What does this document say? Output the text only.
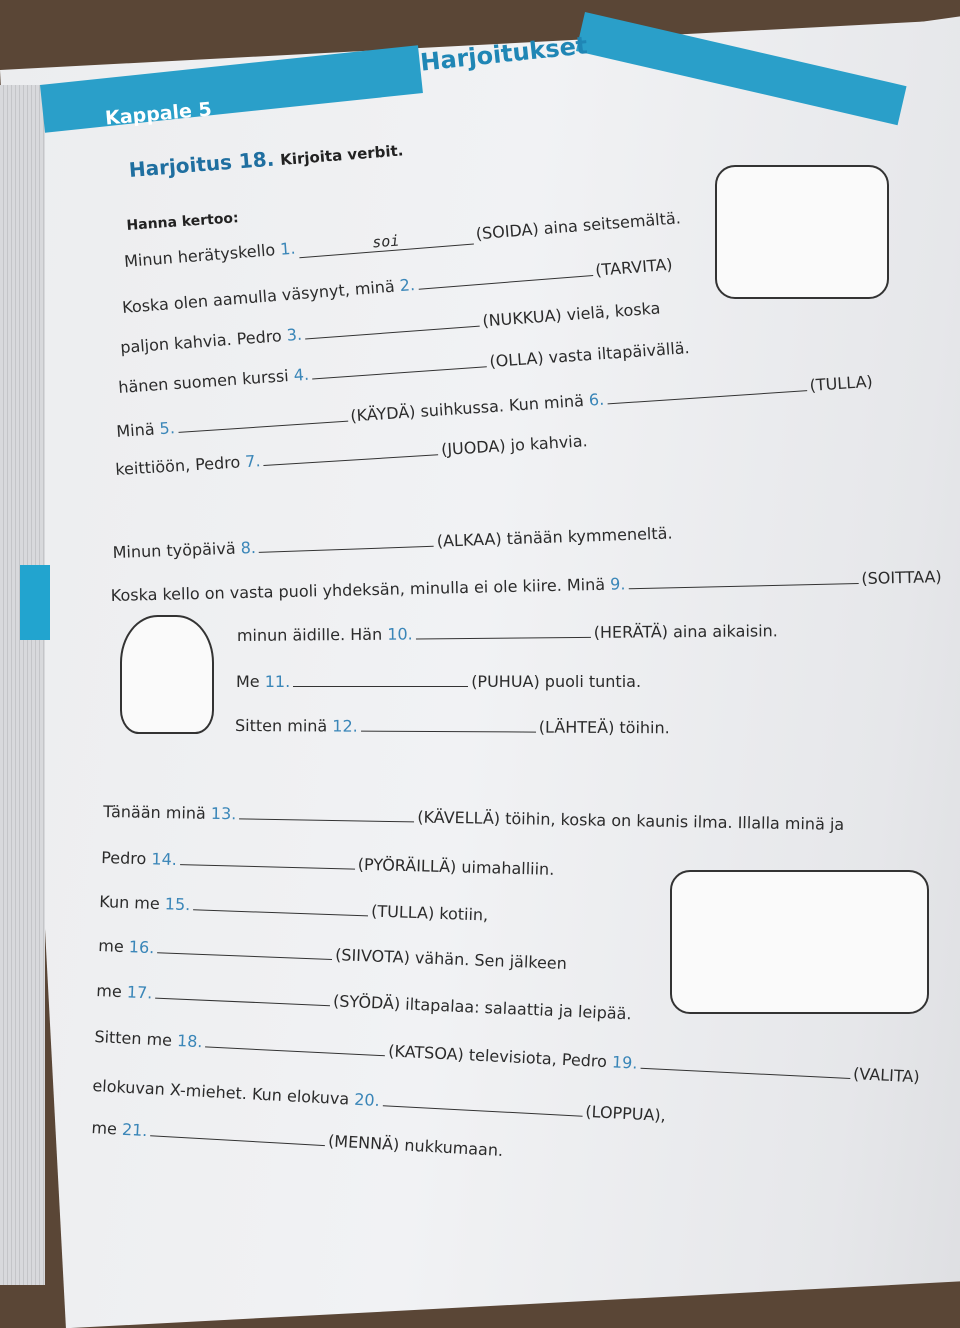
Kappale 5
Harjoitukset
Harjoitus 18. Kirjoita verbit.
Hanna kertoo:
Minun herätyskello 1.	soi	(SOIDA) aina seitsemältä.
Koska olen aamulla väsynyt, minä 2.(TARVITA)
paljon kahvia. Pedro 3.(NUKKUA) vielä, koska
hänen suomen kurssi 4.(OLLA) vasta iltapäivällä.
Minä 5.(KÄYDÄ) suihkussa. Kun minä 6.(TULLA)
keittiöön, Pedro 7.(JUODA) jo kahvia.
Minun työpäivä 8.	(ALKAA) tänään kymmeneltä.
Koska kello on vasta puoli yhdeksän, minulla ei ole kiire. Minä 9.	(SOITTAA)
minun äidille. Hän 10.	(HERÄTÄ) aina aikaisin.
Me 11.	(PUHUA) puoli tuntia.
Sitten minä 12.	(LÄHTEÄ) töihin.
Tänään minä 13.	(KÄVELLÄ) töihin, koska on kaunis ilma. Illalla minä ja
Pedro 14.	(PYÖRÄILLÄ) uimahalliin.
Kun me 15.	(TULLA) kotiin,
me 16.	(SIIVOTA) vähän. Sen jälkeen
me 17.	(SYÖDÄ) iltapalaa: salaattia ja leipää.
Sitten me 18.(KATSOA) televisiota, Pedro 19.(VALITA)
elokuvan X-miehet. Kun elokuva 20.(LOPPUA),
me 21.(MENNÄ) nukkumaan.
